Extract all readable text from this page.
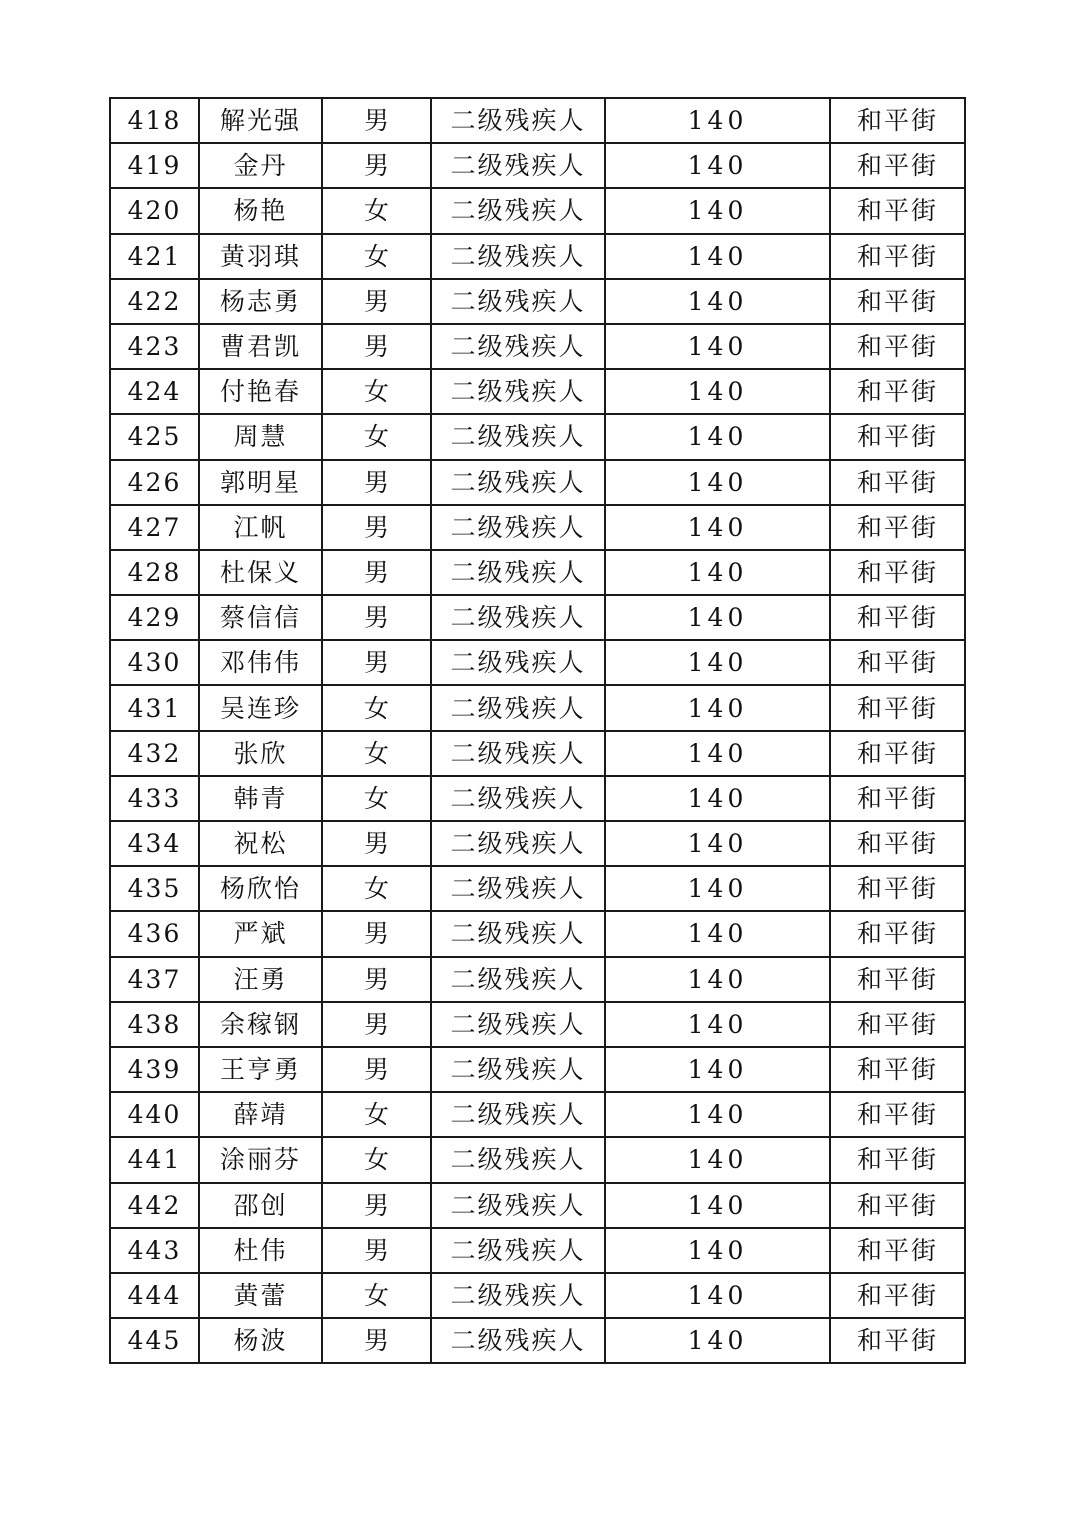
418	解光强	男	二级残疾人	140	和平街
419	金丹	男	二级残疾人	140	和平街
420	杨艳	女	二级残疾人	140	和平街
421	黄羽琪	女	二级残疾人	140	和平街
422	杨志勇	男	二级残疾人	140	和平街
423	曹君凯	男	二级残疾人	140	和平街
424	付艳春	女	二级残疾人	140	和平街
425	周慧	女	二级残疾人	140	和平街
426	郭明星	男	二级残疾人	140	和平街
427	江帆	男	二级残疾人	140	和平街
428	杜保义	男	二级残疾人	140	和平街
429	蔡信信	男	二级残疾人	140	和平街
430	邓伟伟	男	二级残疾人	140	和平街
431	吴连珍	女	二级残疾人	140	和平街
432	张欣	女	二级残疾人	140	和平街
433	韩青	女	二级残疾人	140	和平街
434	祝松	男	二级残疾人	140	和平街
435	杨欣怡	女	二级残疾人	140	和平街
436	严斌	男	二级残疾人	140	和平街
437	汪勇	男	二级残疾人	140	和平街
438	余稼钢	男	二级残疾人	140	和平街
439	王亨勇	男	二级残疾人	140	和平街
440	薛靖	女	二级残疾人	140	和平街
441	涂丽芬	女	二级残疾人	140	和平街
442	邵创	男	二级残疾人	140	和平街
443	杜伟	男	二级残疾人	140	和平街
444	黄蕾	女	二级残疾人	140	和平街
445	杨波	男	二级残疾人	140	和平街
